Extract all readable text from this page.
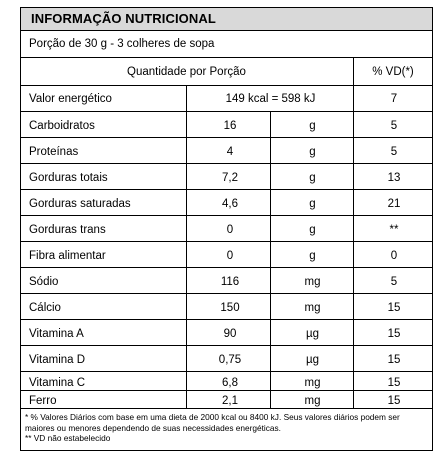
INFORMAÇÃO NUTRICIONAL
Porção de 30 g - 3 colheres de sopa
Quantidade por Porção	% VD(*)
Valor energético	149 kcal = 598 kJ	7
Carboidratos	16	g	5
Proteínas	4	g	5
Gorduras totais	7,2	g	13
Gorduras saturadas	4,6	g	21
Gorduras trans	0	g	**
Fibra alimentar	0	g	0
Sódio	116	mg	5
Cálcio	150	mg	15
Vitamina A	90	µg	15
Vitamina D	0,75	µg	15
Vitamina C	6,8	mg	15
Ferro	2,1	mg	15
* % Valores Diários com base em uma dieta de 2000 kcal ou 8400 kJ. Seus valores diários podem ser maiores ou menores dependendo de suas necessidades energéticas.
** VD não estabelecido
